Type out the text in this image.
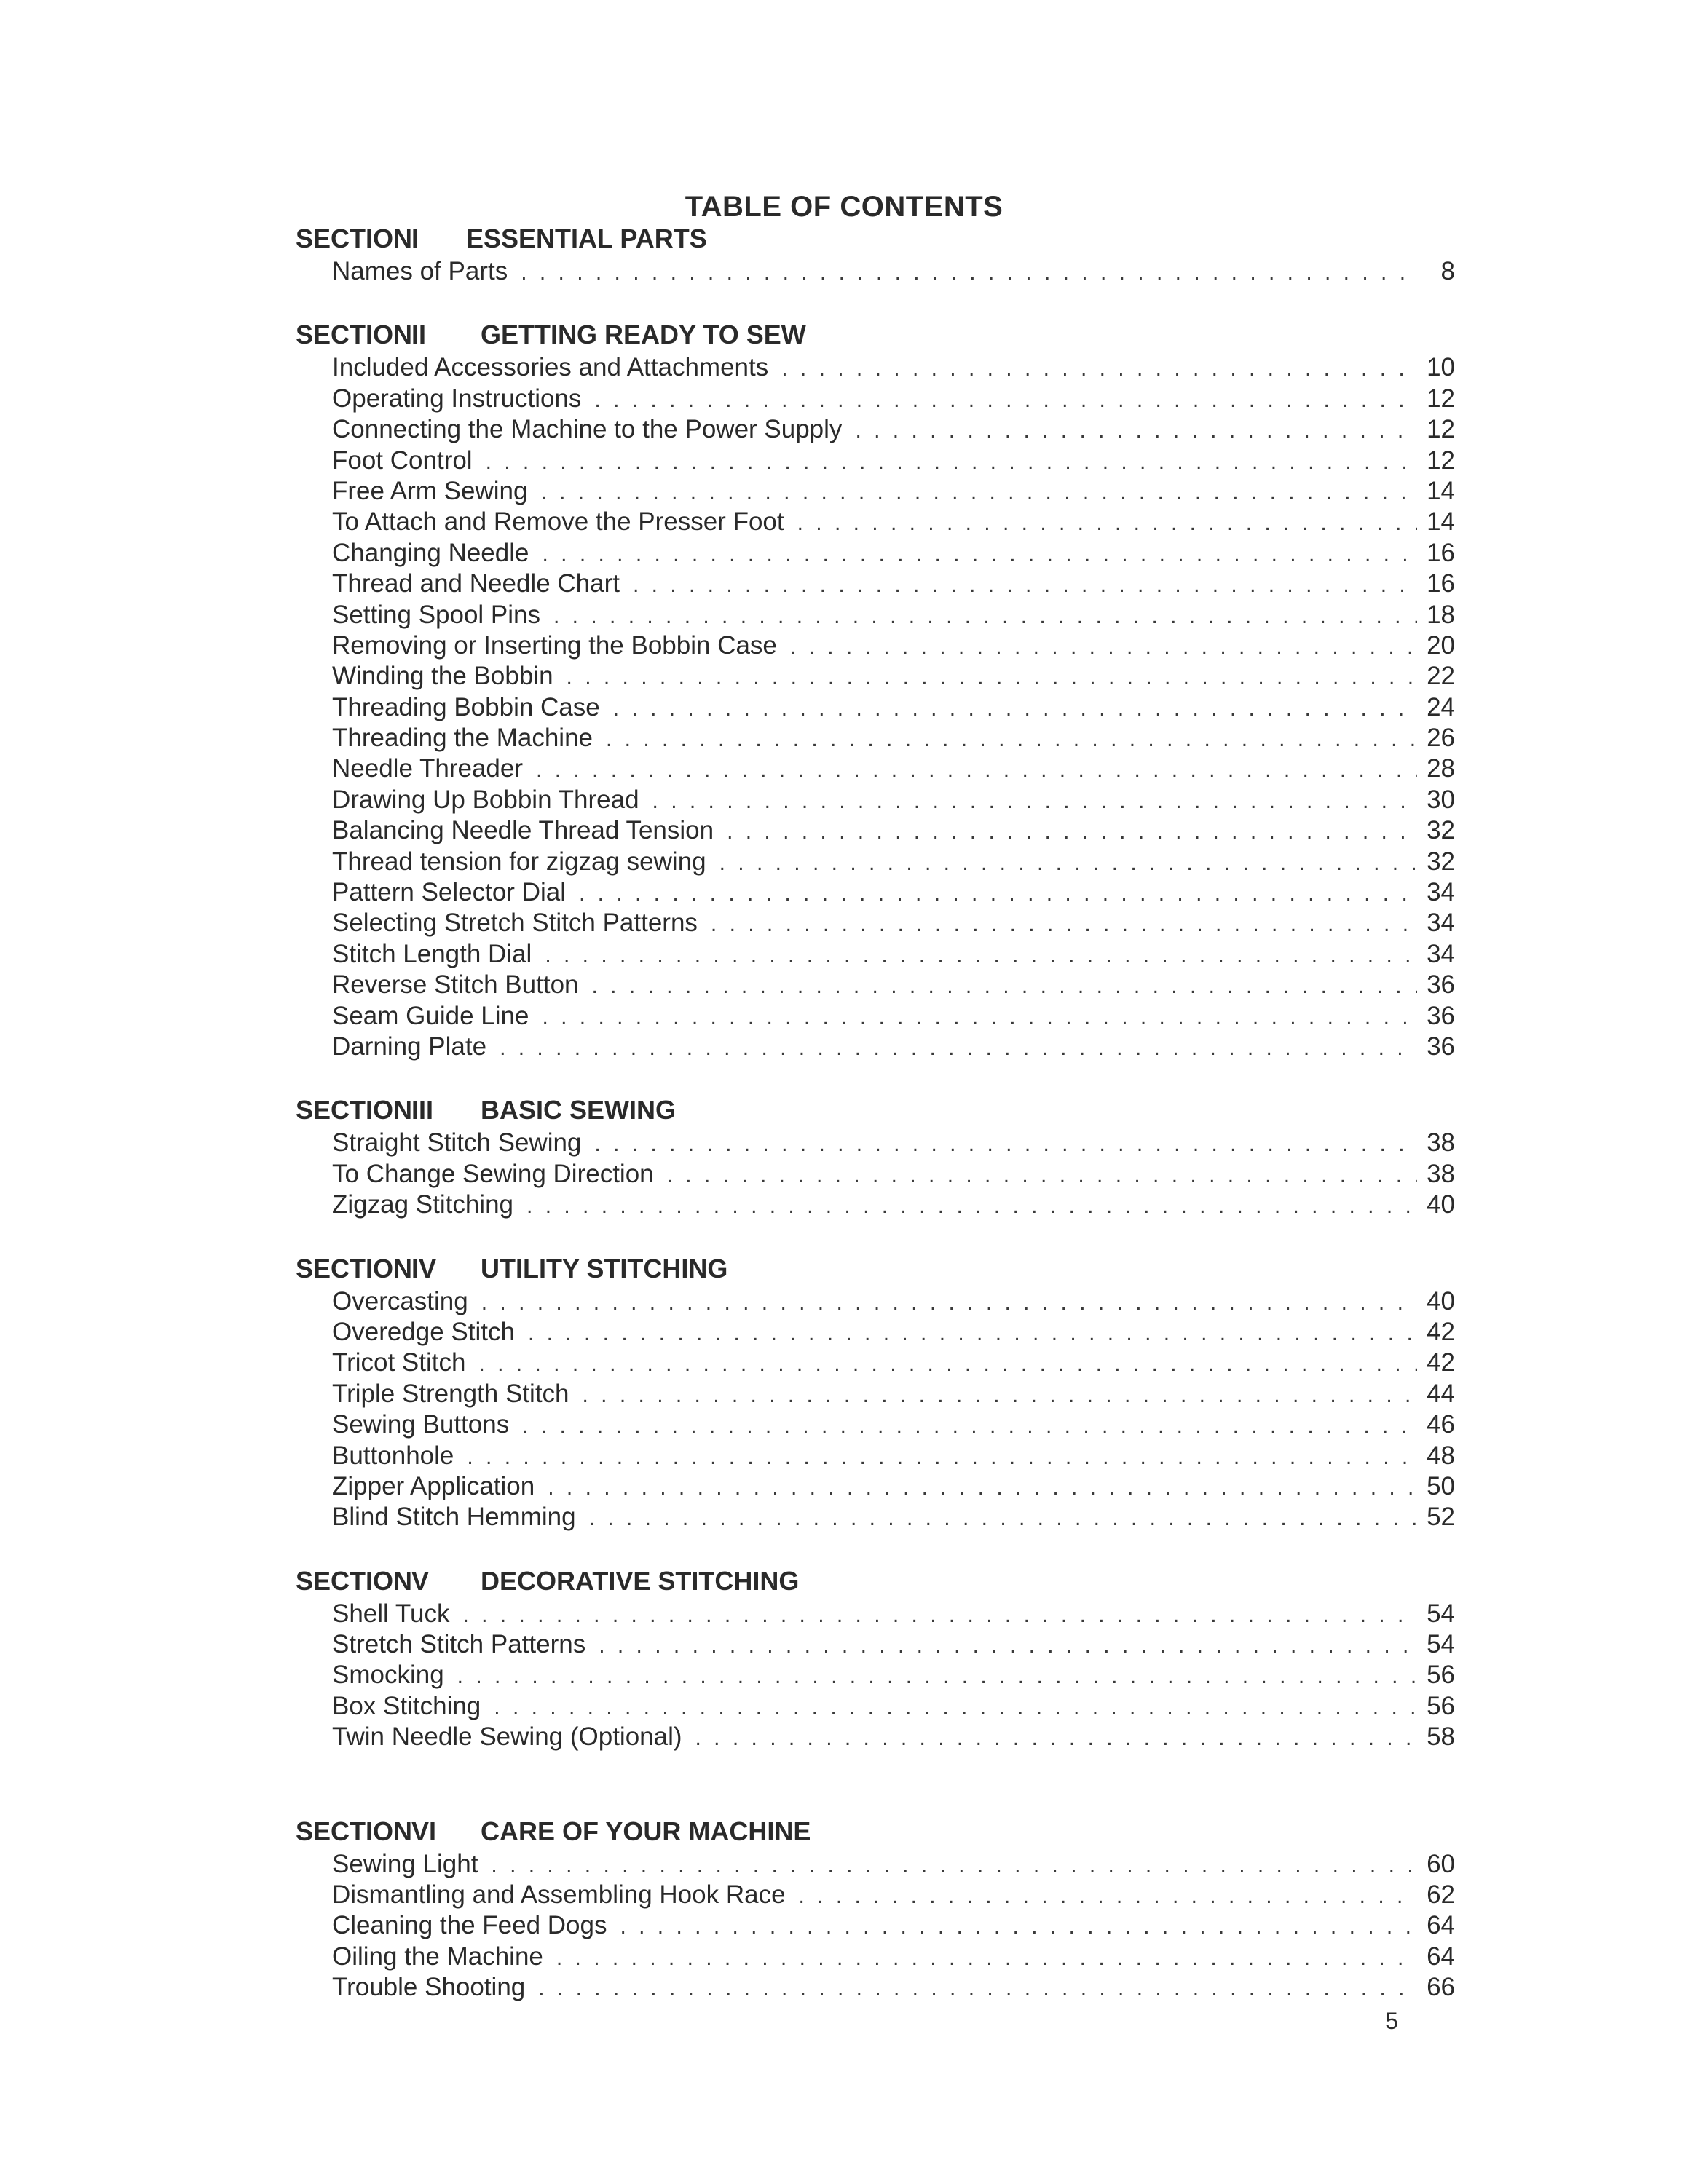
TABLE OF CONTENTS
SECTIONI ESSENTIAL PARTS
Names of Parts . . .	8
SECTIONII GETTING READY TO SEW
Included Accessories and Attachments . . .	10
Operating Instructions . . .	12
Connecting the Machine to the Power Supply . . .	12
Foot Control . . .	12
Free Arm Sewing . . .	14
To Attach and Remove the Presser Foot . . .	14
Changing Needle . . .	16
Thread and Needle Chart . . .	16
Setting Spool Pins . . .	18
Removing or Inserting the Bobbin Case . . .	20
Winding the Bobbin . . .	22
Threading Bobbin Case . . .	24
Threading the Machine . . .	26
Needle Threader . . .	28
Drawing Up Bobbin Thread . . .	30
Balancing Needle Thread Tension . . .	32
Thread tension for zigzag sewing . . .	32
Pattern Selector Dial . . .	34
Selecting Stretch Stitch Patterns . . .	34
Stitch Length Dial . . .	34
Reverse Stitch Button . . .	36
Seam Guide Line . . .	36
Darning Plate . . .	36
SECTIONIII BASIC SEWING
Straight Stitch Sewing . . .	38
To Change Sewing Direction . . .	38
Zigzag Stitching . . .	40
SECTIONIV UTILITY STITCHING
Overcasting . . .	40
Overedge Stitch . . .	42
Tricot Stitch . . .	42
Triple Strength Stitch . . .	44
Sewing Buttons . . .	46
Buttonhole . . .	48
Zipper Application . . .	50
Blind Stitch Hemming . . .	52
SECTIONV DECORATIVE STITCHING
Shell Tuck . . .	54
Stretch Stitch Patterns . . .	54
Smocking . . .	56
Box Stitching . . .	56
Twin Needle Sewing (Optional) . . .	58
SECTIONVI CARE OF YOUR MACHINE
Sewing Light . . .	60
Dismantling and Assembling Hook Race . . .	62
Cleaning the Feed Dogs . . .	64
Oiling the Machine . . .	64
Trouble Shooting . . .	66
5
